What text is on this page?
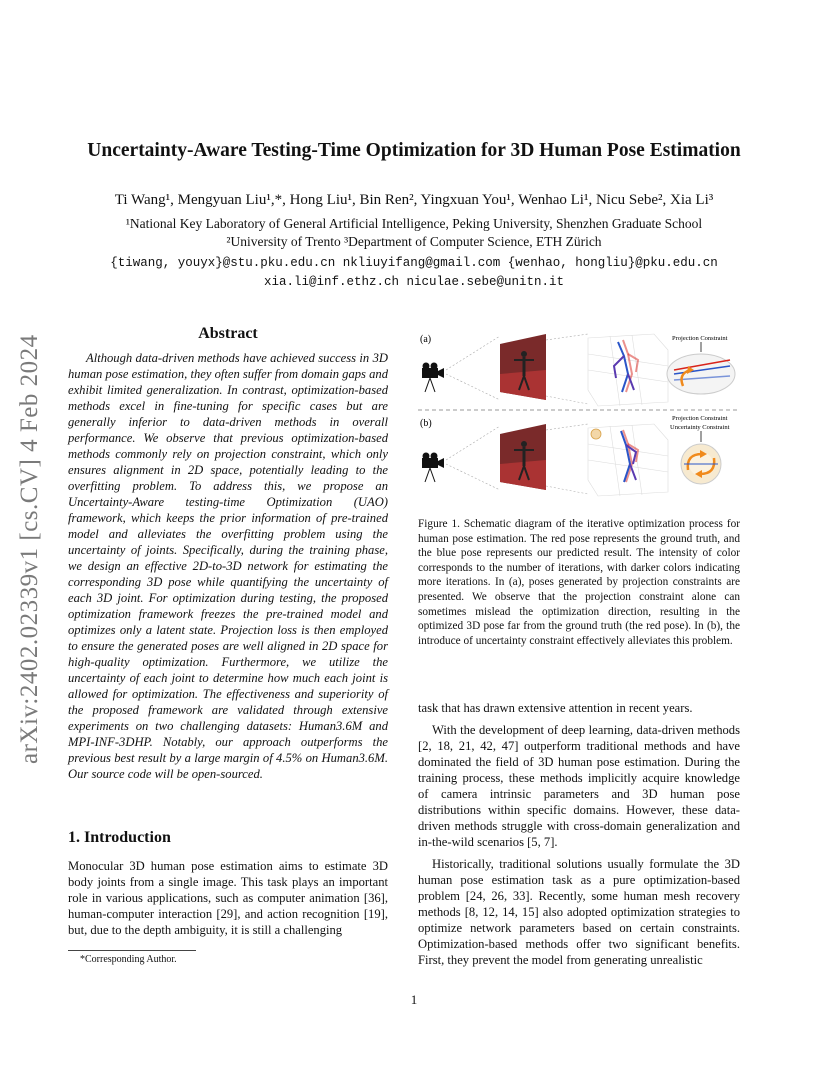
arXiv:2402.02339v1 [cs.CV] 4 Feb 2024
Uncertainty-Aware Testing-Time Optimization for 3D Human Pose Estimation
Ti Wang¹, Mengyuan Liu¹,*, Hong Liu¹, Bin Ren², Yingxuan You¹, Wenhao Li¹, Nicu Sebe², Xia Li³
¹National Key Laboratory of General Artificial Intelligence, Peking University, Shenzhen Graduate School
²University of Trento ³Department of Computer Science, ETH Zürich
{tiwang, youyx}@stu.pku.edu.cn nkliuyifang@gmail.com {wenhao, hongliu}@pku.edu.cn
xia.li@inf.ethz.ch niculae.sebe@unitn.it
Abstract

Although data-driven methods have achieved success in 3D human pose estimation, they often suffer from domain gaps and exhibit limited generalization. In contrast, optimization-based methods excel in fine-tuning for specific cases but are generally inferior to data-driven methods in overall performance. We observe that previous optimization-based methods commonly rely on projection constraint, which only ensures alignment in 2D space, potentially leading to the overfitting problem. To address this, we propose an Uncertainty-Aware testing-time Optimization (UAO) framework, which keeps the prior information of pre-trained model and alleviates the overfitting problem using the uncertainty of joints. Specifically, during the training phase, we design an effective 2D-to-3D network for estimating the corresponding 3D pose while quantifying the uncertainty of each 3D joint. For optimization during testing, the proposed optimization framework freezes the pre-trained model and optimizes only a latent state. Projection loss is then employed to ensure the generated poses are well aligned in 2D space for high-quality optimization. Furthermore, we utilize the uncertainty of each joint to determine how much each joint is allowed for optimization. The effectiveness and superiority of the proposed framework are validated through extensive experiments on two challenging datasets: Human3.6M and MPI-INF-3DHP. Notably, our approach outperforms the previous best result by a large margin of 4.5% on Human3.6M. Our source code will be open-sourced.

1. Introduction

Monocular 3D human pose estimation aims to estimate 3D body joints from a single image. This task plays an important role in various applications, such as computer animation [36], human-computer interaction [29], and action recognition [19], but, due to the depth ambiguity, it is still a challenging

*Corresponding Author.
(a)
(b)
Projection Constraint
Projection Constraint
Uncertainty Constraint

Figure 1. Schematic diagram of the iterative optimization process for human pose estimation. The red pose represents the ground truth, and the blue pose represents our predicted result. The intensity of color corresponds to the number of iterations, with darker colors indicating more iterations. In (a), poses generated by projection constraints are presented. We observe that the projection constraint alone can sometimes mislead the optimization direction, resulting in the optimized 3D pose far from the ground truth (the red pose). In (b), the introduce of uncertainty constraint effectively alleviates this problem.

task that has drawn extensive attention in recent years.

With the development of deep learning, data-driven methods [2, 18, 21, 42, 47] outperform traditional methods and have dominated the field of 3D human pose estimation. During the training process, these methods implicitly acquire knowledge of camera intrinsic parameters and 3D human pose distributions within specific domains. However, these data-driven methods struggle with cross-domain generalization and in-the-wild scenarios [5, 7].

Historically, traditional solutions usually formulate the 3D human pose estimation task as a pure optimization-based problem [24, 26, 33]. Recently, some human mesh recovery methods [8, 12, 14, 15] also adopted optimization strategies to optimize network parameters based on certain constraints. Optimization-based methods offer two significant benefits. First, they prevent the model from generating unrealistic

1
